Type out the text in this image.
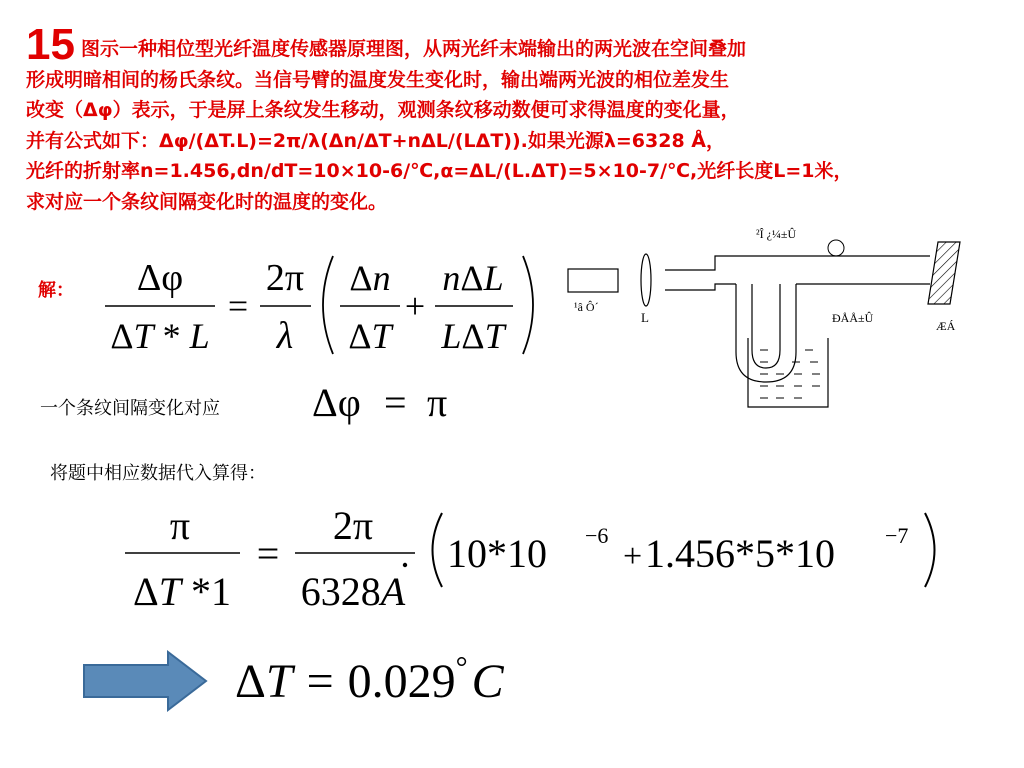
15 图示一种相位型光纤温度传感器原理图，从两光纤末端输出的两光波在空间叠加
形成明暗相间的杨氏条纹。当信号臂的温度发生变化时，输出端两光波的相位差发生
改变（Δφ）表示，于是屏上条纹发生移动，观测条纹移动数便可求得温度的变化量，
并有公式如下：Δφ/(ΔT.L)=2π/λ(Δn/ΔT+nΔL/(LΔT)).如果光源λ=6328 Å，
光纤的折射率n=1.456,dn/dT=10×10-6/℃,α=ΔL/(L.ΔT)=5×10-7/℃,光纤长度L=1米，
求对应一个条纹间隔变化时的温度的变化。
解： Δφ
ΔT * L
=
2π
λ
Δn
ΔT
+
nΔL
LΔT
²Î ¿¼±Û
¹â Ô´
L	ÐÅÅ±Û
ÆÁ
一个条纹间隔变化对应 Δφ = π
将题中相应数据代入算得：
π
ΔT *1
=
2π
6328A
10*10 −6
+ 1.456*5*10 −7
ΔT = 0.029°C
